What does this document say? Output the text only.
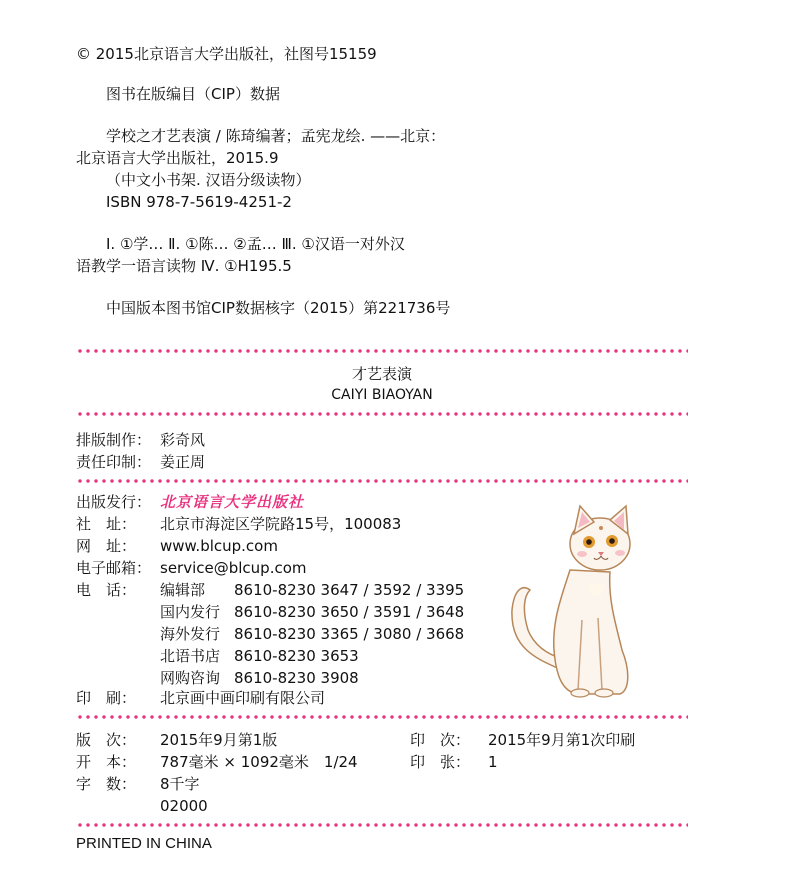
© 2015北京语言大学出版社，社图号15159
图书在版编目（CIP）数据
学校之才艺表演 / 陈琦编著；孟宪龙绘. ——北京：
北京语言大学出版社，2015.9
（中文小书架. 汉语分级读物）
ISBN 978-7-5619-4251-2
Ⅰ. ①学… Ⅱ. ①陈… ②孟… Ⅲ. ①汉语一对外汉
语教学一语言读物 Ⅳ. ①H195.5
中国版本图书馆CIP数据核字（2015）第221736号
才艺表演
CAIYI BIAOYAN
排版制作： 彩奇风
责任印制： 姜正周
出版发行： 北京语言大学出版社
社　址： 北京市海淀区学院路15号，100083
网　址： www.blcup.com
电子邮箱： service@blcup.com
电　话： 编辑部 8610-8230 3647 / 3592 / 3395
国内发行 8610-8230 3650 / 3591 / 3648
海外发行 8610-8230 3365 / 3080 / 3668
北语书店 8610-8230 3653
网购咨询 8610-8230 3908
印　刷： 北京画中画印刷有限公司
版　次： 2015年9月第1版	印　次： 2015年9月第1次印刷
开　本： 787毫米 × 1092毫米　1/24	印　张： 1
字　数： 8千字
02000
PRINTED IN CHINA
